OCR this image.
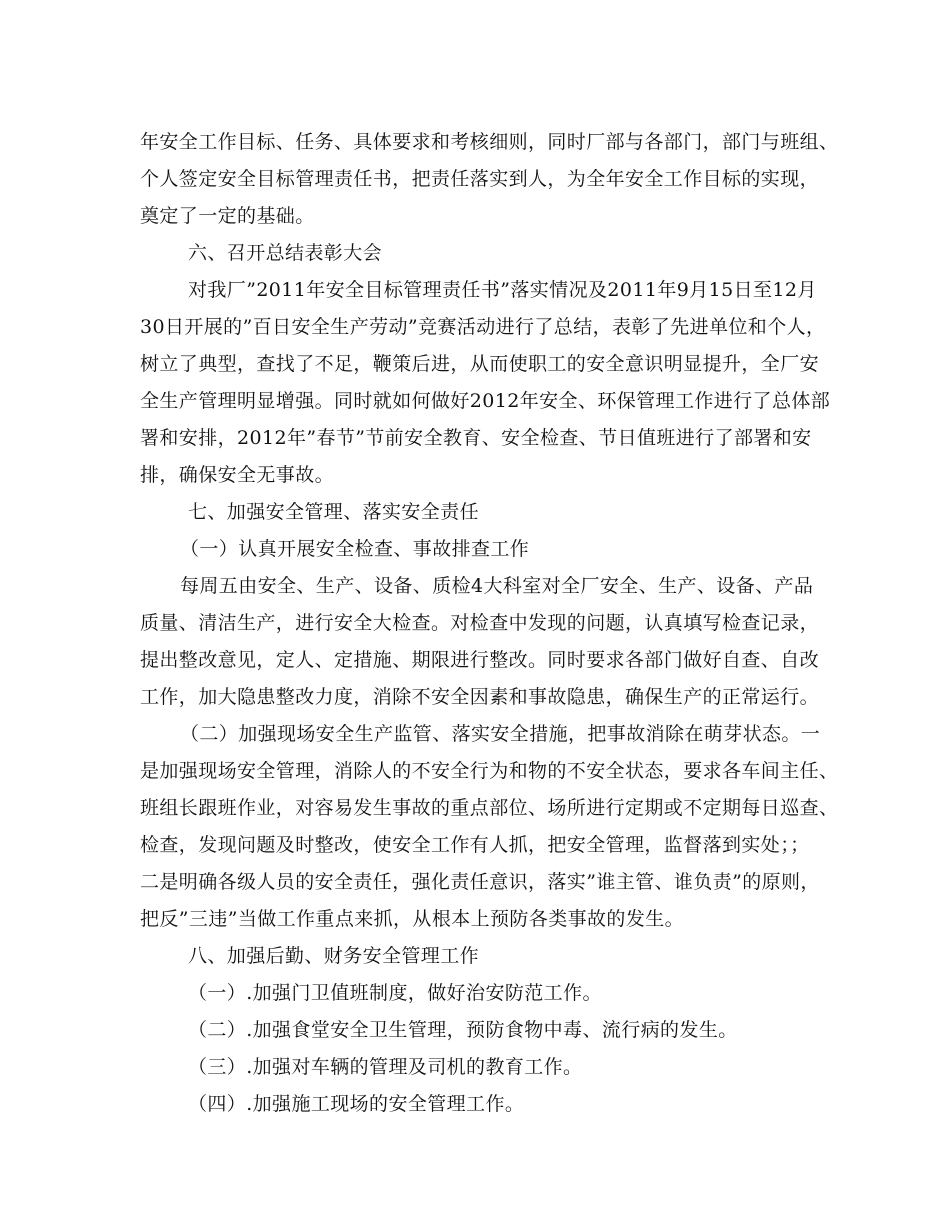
年安全工作目标、任务、具体要求和考核细则，同时厂部与各部门，部门与班组、
个人签定安全目标管理责任书，把责任落实到人，为全年安全工作目标的实现，
奠定了一定的基础。
六、召开总结表彰大会
对我厂”2011年安全目标管理责任书”落实情况及2011年9月15日至12月
30日开展的”百日安全生产劳动”竞赛活动进行了总结，表彰了先进单位和个人，
树立了典型，查找了不足，鞭策后进，从而使职工的安全意识明显提升，全厂安
全生产管理明显增强。同时就如何做好2012年安全、环保管理工作进行了总体部
署和安排，2012年”春节”节前安全教育、安全检查、节日值班进行了部署和安
排，确保安全无事故。
七、加强安全管理、落实安全责任
（一）认真开展安全检查、事故排查工作
每周五由安全、生产、设备、质检4大科室对全厂安全、生产、设备、产品
质量、清洁生产，进行安全大检查。对检查中发现的问题，认真填写检查记录，
提出整改意见，定人、定措施、期限进行整改。同时要求各部门做好自查、自改
工作，加大隐患整改力度，消除不安全因素和事故隐患，确保生产的正常运行。
（二）加强现场安全生产监管、落实安全措施，把事故消除在萌芽状态。一
是加强现场安全管理，消除人的不安全行为和物的不安全状态，要求各车间主任、
班组长跟班作业，对容易发生事故的重点部位、场所进行定期或不定期每日巡查、
检查，发现问题及时整改，使安全工作有人抓，把安全管理，监督落到实处；；
二是明确各级人员的安全责任，强化责任意识，落实”谁主管、谁负责”的原则，
把反”三违”当做工作重点来抓，从根本上预防各类事故的发生。
八、加强后勤、财务安全管理工作
（一）.加强门卫值班制度，做好治安防范工作。
（二）.加强食堂安全卫生管理，预防食物中毒、流行病的发生。
（三）.加强对车辆的管理及司机的教育工作。
（四）.加强施工现场的安全管理工作。
